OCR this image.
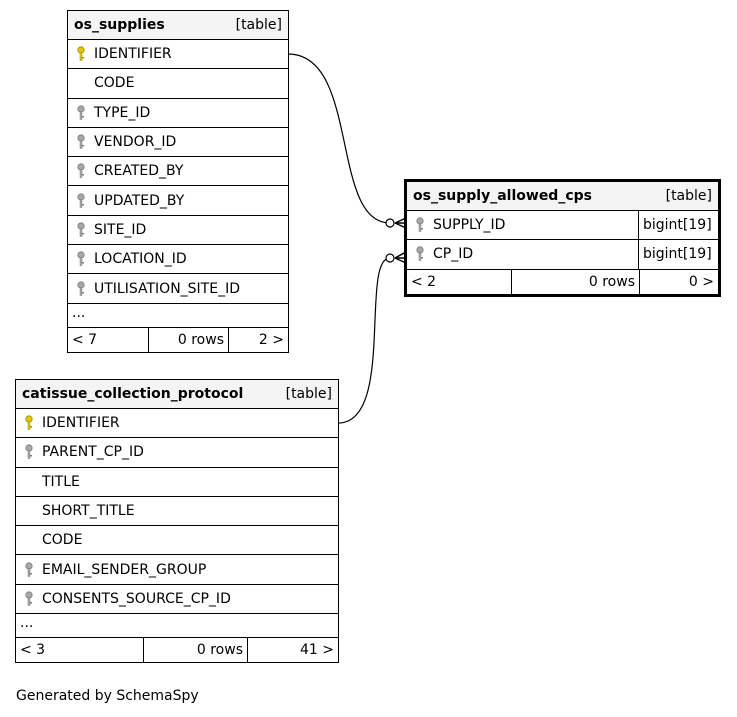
os_supplies	[table]
IDENTIFIER
CODE
TYPE_ID
VENDOR_ID
CREATED_BY
UPDATED_BY
SITE_ID
LOCATION_ID
UTILISATION_SITE_ID
...
< 7	0 rows	2 >
os_supply_allowed_cps	[table]
SUPPLY_ID	bigint[19]
CP_ID	bigint[19]
< 2	0 rows	0 >
catissue_collection_protocol	[table]
IDENTIFIER
PARENT_CP_ID
TITLE
SHORT_TITLE
CODE
EMAIL_SENDER_GROUP
CONSENTS_SOURCE_CP_ID
...
< 3	0 rows	41 >
Generated by SchemaSpy
